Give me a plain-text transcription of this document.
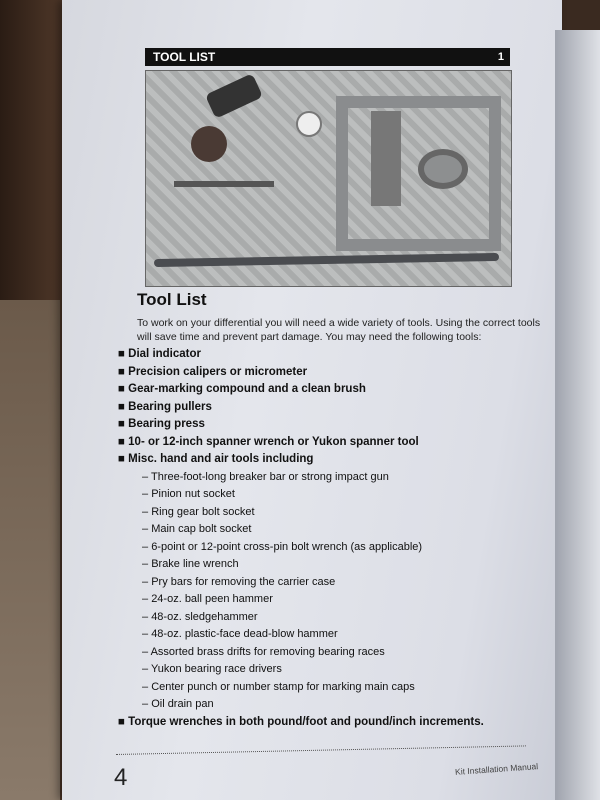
TOOL LIST	1
Tool List

To work on your differential you will need a wide variety of tools. Using the correct tools will save time and prevent part damage. You may need the following tools:

■ Dial indicator
■ Precision calipers or micrometer
■ Gear-marking compound and a clean brush
■ Bearing pullers
■ Bearing press
■ 10- or 12-inch spanner wrench or Yukon spanner tool
■ Misc. hand and air tools including
– Three-foot-long breaker bar or strong impact gun
– Pinion nut socket
– Ring gear bolt socket
– Main cap bolt socket
– 6-point or 12-point cross-pin bolt wrench (as applicable)
– Brake line wrench
– Pry bars for removing the carrier case
– 24-oz. ball peen hammer
– 48-oz. sledgehammer
– 48-oz. plastic-face dead-blow hammer
– Assorted brass drifts for removing bearing races
– Yukon bearing race drivers
– Center punch or number stamp for marking main caps
– Oil drain pan
■ Torque wrenches in both pound/foot and pound/inch increments.
4	Kit Installation Manual
